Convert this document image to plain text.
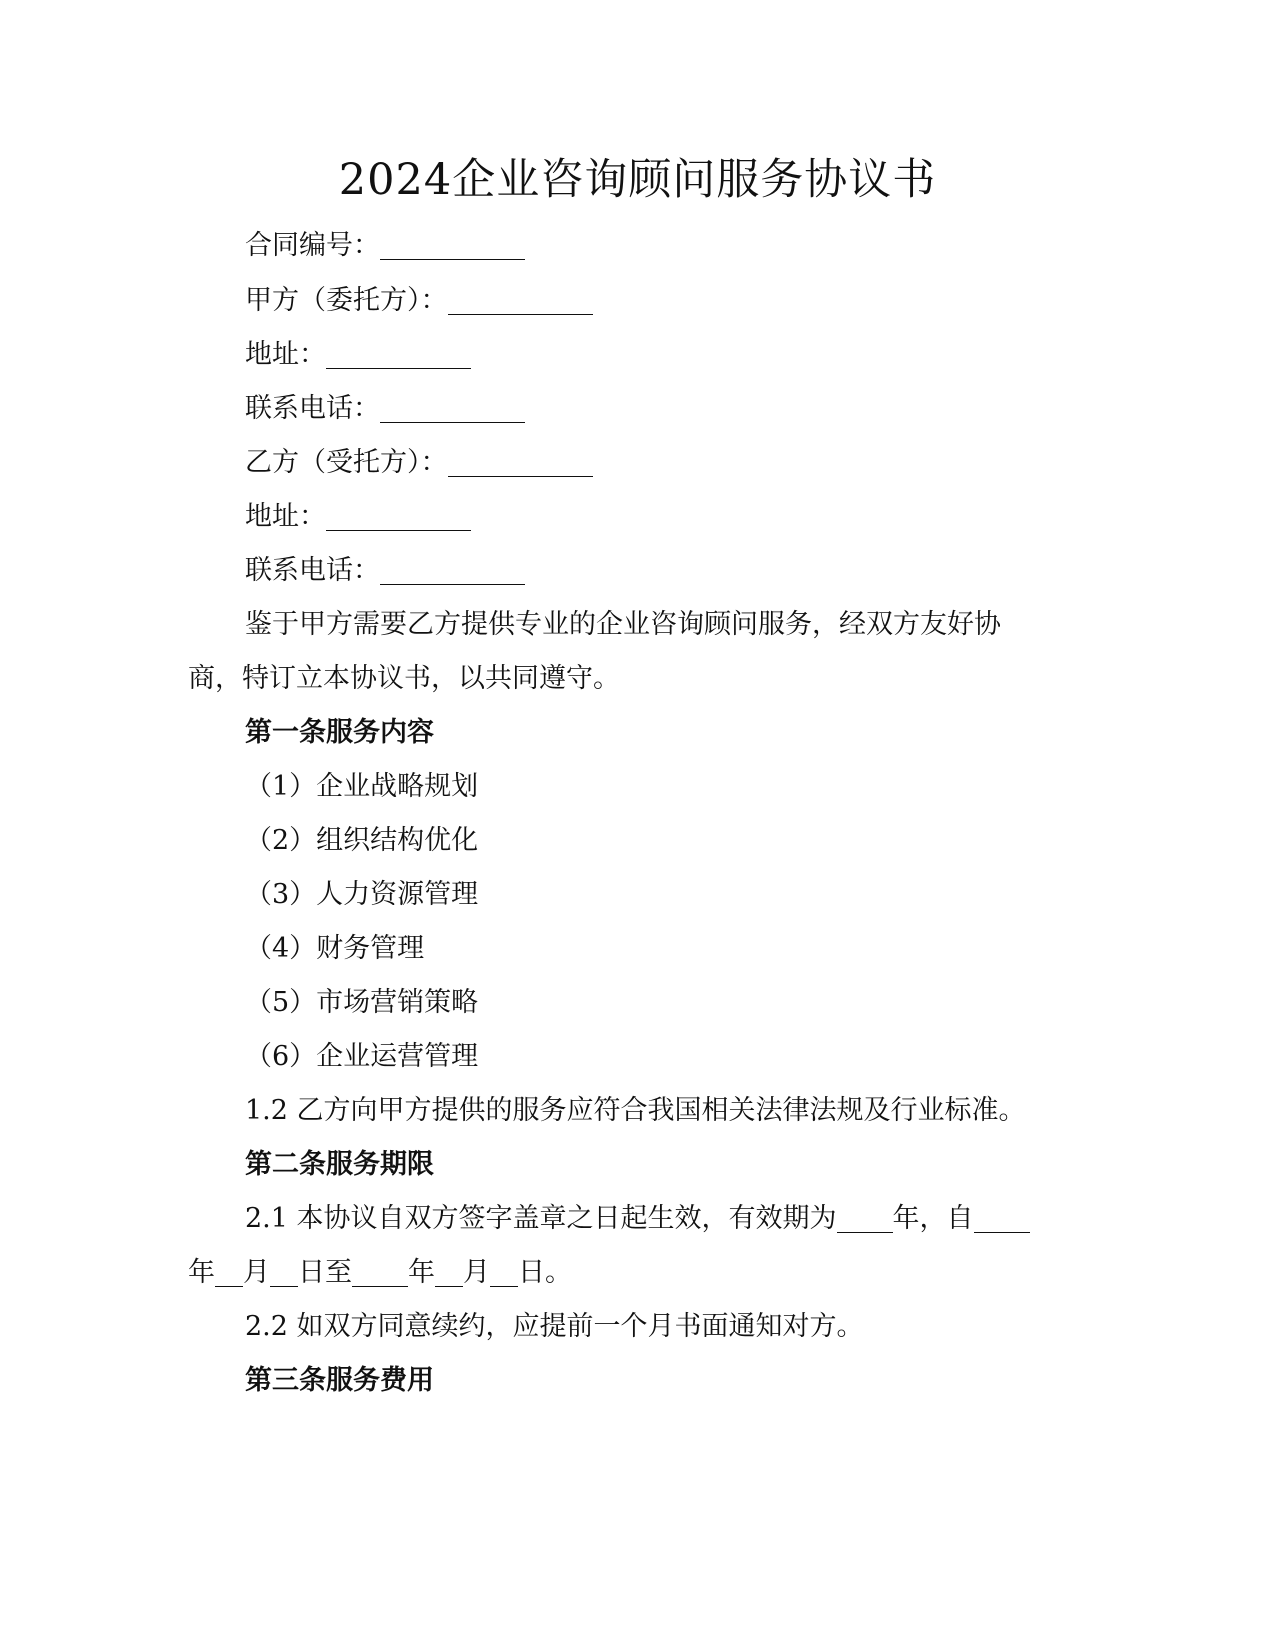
2024企业咨询顾问服务协议书

合同编号：

甲方（委托方）：

地址：

联系电话：

乙方（受托方）：

地址：

联系电话：

鉴于甲方需要乙方提供专业的企业咨询顾问服务，经双方友好协

商，特订立本协议书，以共同遵守。

第一条服务内容

（1）企业战略规划

（2）组织结构优化

（3）人力资源管理

（4）财务管理

（5）市场营销策略

（6）企业运营管理

1.2 乙方向甲方提供的服务应符合我国相关法律法规及行业标准。

第二条服务期限

2.1 本协议自双方签字盖章之日起生效，有效期为 年，自

年 月 日至 年 月 日。

2.2 如双方同意续约，应提前一个月书面通知对方。

第三条服务费用
